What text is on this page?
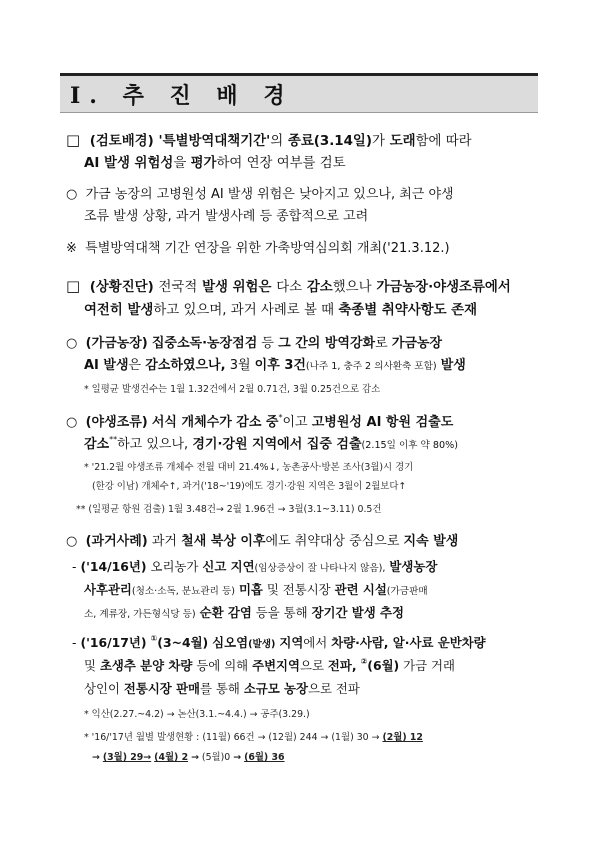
Ⅰ. 추 진 배 경
□ (검토배경) '특별방역대책기간'의 종료(3.14일)가 도래함에 따라
AI 발생 위험성을 평가하여 연장 여부를 검토
○ 가금 농장의 고병원성 AI 발생 위험은 낮아지고 있으나, 최근 야생
조류 발생 상황, 과거 발생사례 등 종합적으로 고려
※ 특별방역대책 기간 연장을 위한 가축방역심의회 개최('21.3.12.)
□ (상황진단) 전국적 발생 위험은 다소 감소했으나 가금농장·야생조류에서
여전히 발생하고 있으며, 과거 사례로 볼 때 축종별 취약사항도 존재
○ (가금농장) 집중소독·농장점검 등 그 간의 방역강화로 가금농장
AI 발생은 감소하였으나, 3월 이후 3건(나주 1, 충주 2 의사환축 포함) 발생
* 일평균 발생건수는 1월 1.32건에서 2월 0.71건, 3월 0.25건으로 감소
○ (야생조류) 서식 개체수가 감소 중*이고 고병원성 AI 항원 검출도
감소**하고 있으나, 경기·강원 지역에서 집중 검출(2.15일 이후 약 80%)
* '21.2월 야생조류 개체수 전월 대비 21.4%↓, 농촌공사·방본 조사(3월)시 경기
(한강 이남) 개체수↑, 과거('18~'19)에도 경기·강원 지역은 3월이 2월보다↑
** (일평균 항원 검출) 1월 3.48건→ 2월 1.96건 → 3월(3.1~3.11) 0.5건
○ (과거사례) 과거 철새 북상 이후에도 취약대상 중심으로 지속 발생
- ('14/16년) 오리농가 신고 지연(임상증상이 잘 나타나지 않음), 발생농장
사후관리(청소·소독, 분뇨관리 등) 미흡 및 전통시장 관련 시설(가금판매
소, 계류장, 가든형식당 등) 순환 감염 등을 통해 장기간 발생 추정
- ('16/17년) ①(3~4월) 심오염(발생) 지역에서 차량·사람, 알·사료 운반차량
및 초생추 분양 차량 등에 의해 주변지역으로 전파, ②(6월) 가금 거래
상인이 전통시장 판매를 통해 소규모 농장으로 전파
* 익산(2.27.~4.2) → 논산(3.1.~4.4.) → 공주(3.29.)
* '16/'17년 월별 발생현황 : (11월) 66건 → (12월) 244 → (1월) 30 → (2월) 12
→ (3월) 29→ (4월) 2 → (5월)0 → (6월) 36
